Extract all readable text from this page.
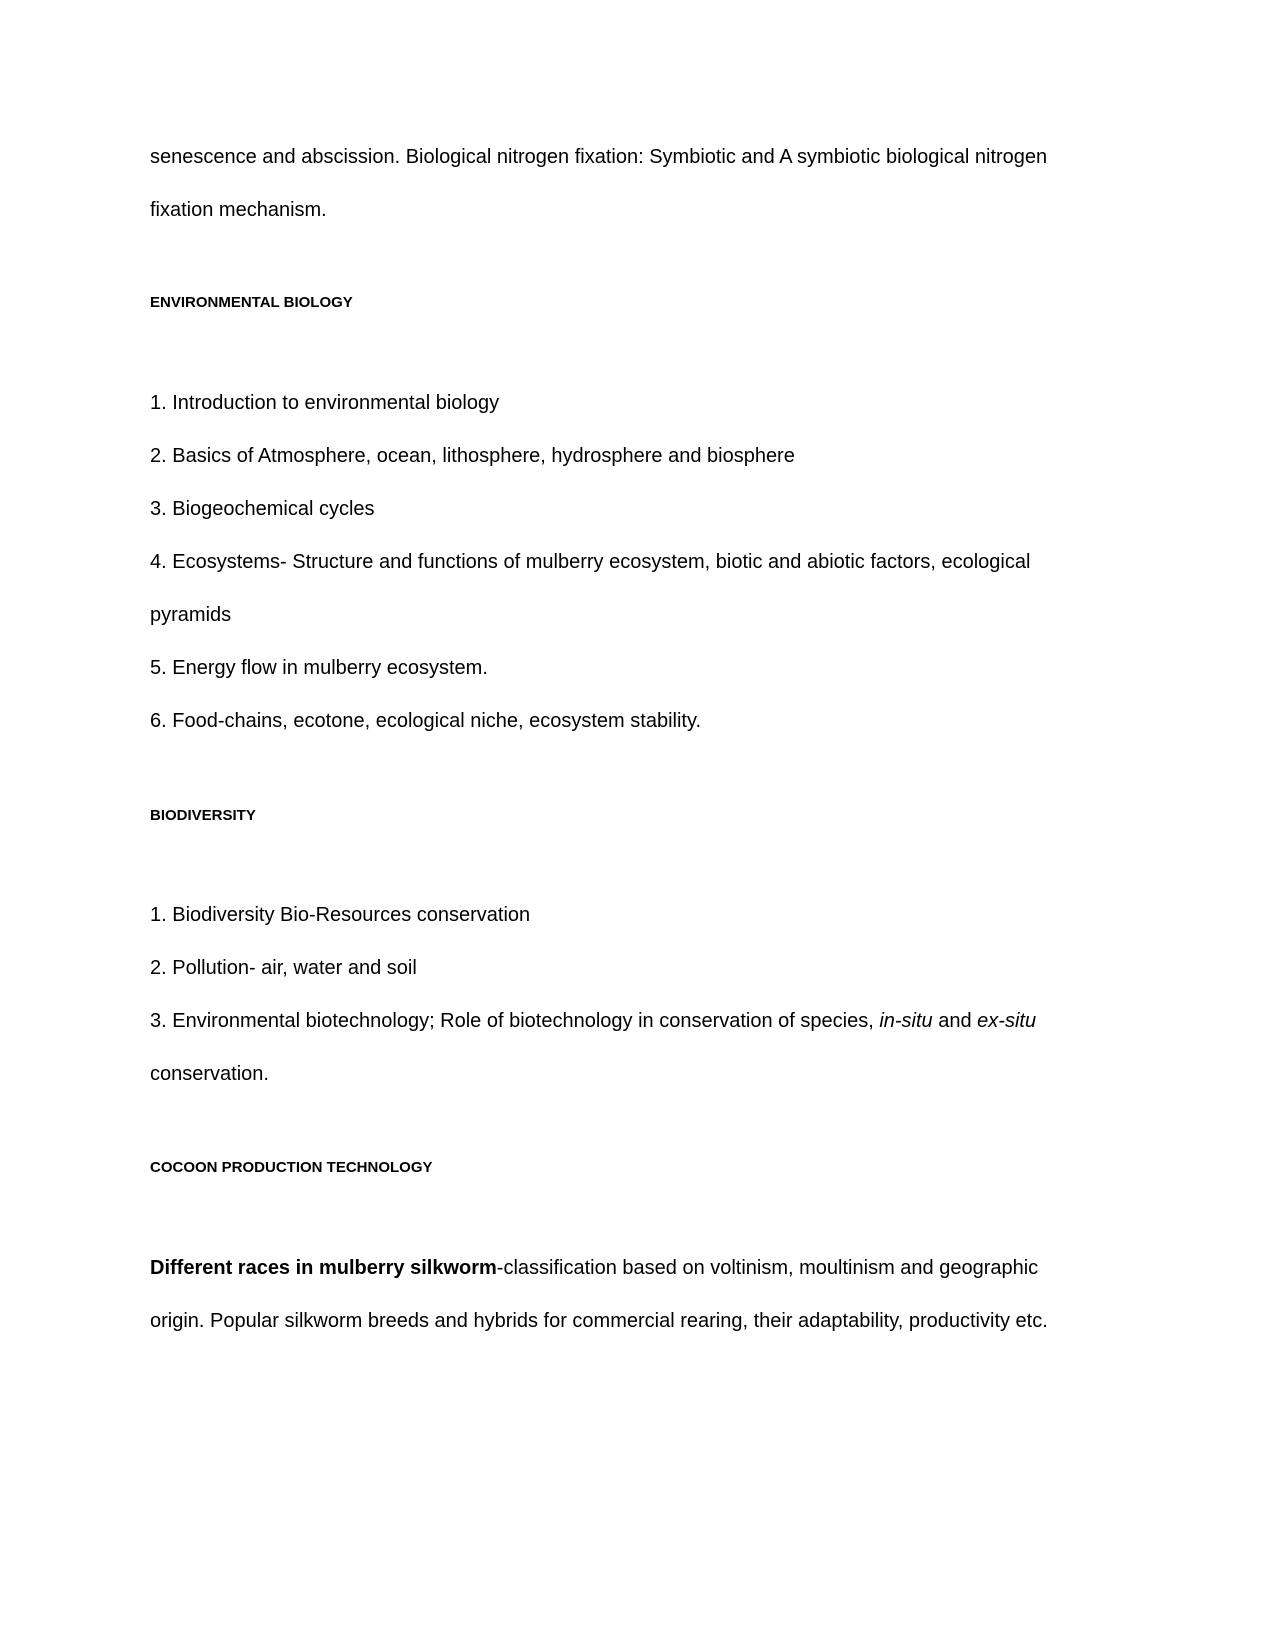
senescence and abscission. Biological nitrogen fixation: Symbiotic and A symbiotic biological nitrogen
fixation mechanism.
ENVIRONMENTAL BIOLOGY
1. Introduction to environmental biology
2. Basics of Atmosphere, ocean, lithosphere, hydrosphere and biosphere
3. Biogeochemical cycles
4. Ecosystems- Structure and functions of mulberry ecosystem, biotic and abiotic factors, ecological
pyramids
5. Energy flow in mulberry ecosystem.
6. Food-chains, ecotone, ecological niche, ecosystem stability.
BIODIVERSITY
1. Biodiversity Bio-Resources conservation
2. Pollution- air, water and soil
3. Environmental biotechnology; Role of biotechnology in conservation of species, in-situ and ex-situ
conservation.
COCOON PRODUCTION TECHNOLOGY
Different races in mulberry silkworm-classification based on voltinism, moultinism and geographic
origin. Popular silkworm breeds and hybrids for commercial rearing, their adaptability, productivity etc.
